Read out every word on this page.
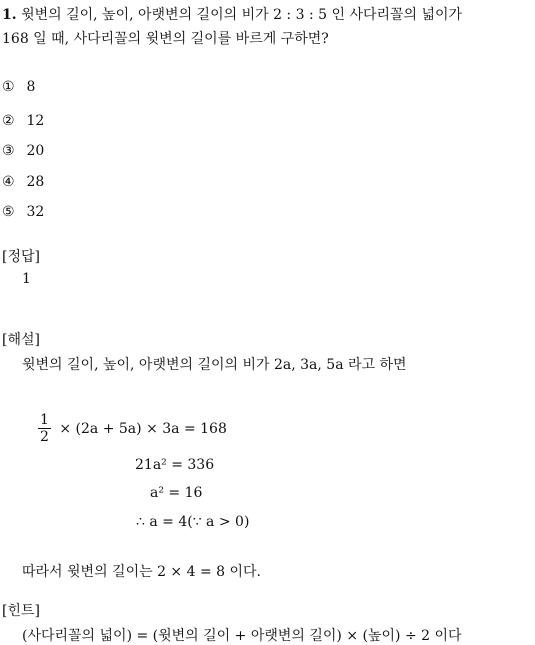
1. 윗변의 길이, 높이, 아랫변의 길이의 비가 2 : 3 : 5 인 사다리꼴의 넓이가
168 일 때, 사다리꼴의 윗변의 길이를 바르게 구하면?
① 8
② 12
③ 20
④ 28
⑤ 32
[정답]
1
[해설]
윗변의 길이, 높이, 아랫변의 길이의 비가 2a, 3a, 5a 라고 하면
$\frac{1}{2} \times (2a + 5a) \times 3a = 168$
21a² = 336
a² = 16
∴ a = 4(∵ a > 0)
따라서 윗변의 길이는 2 × 4 = 8 이다.
[힌트]
(사다리꼴의 넓이) = (윗변의 길이 + 아랫변의 길이) × (높이) ÷ 2 이다
